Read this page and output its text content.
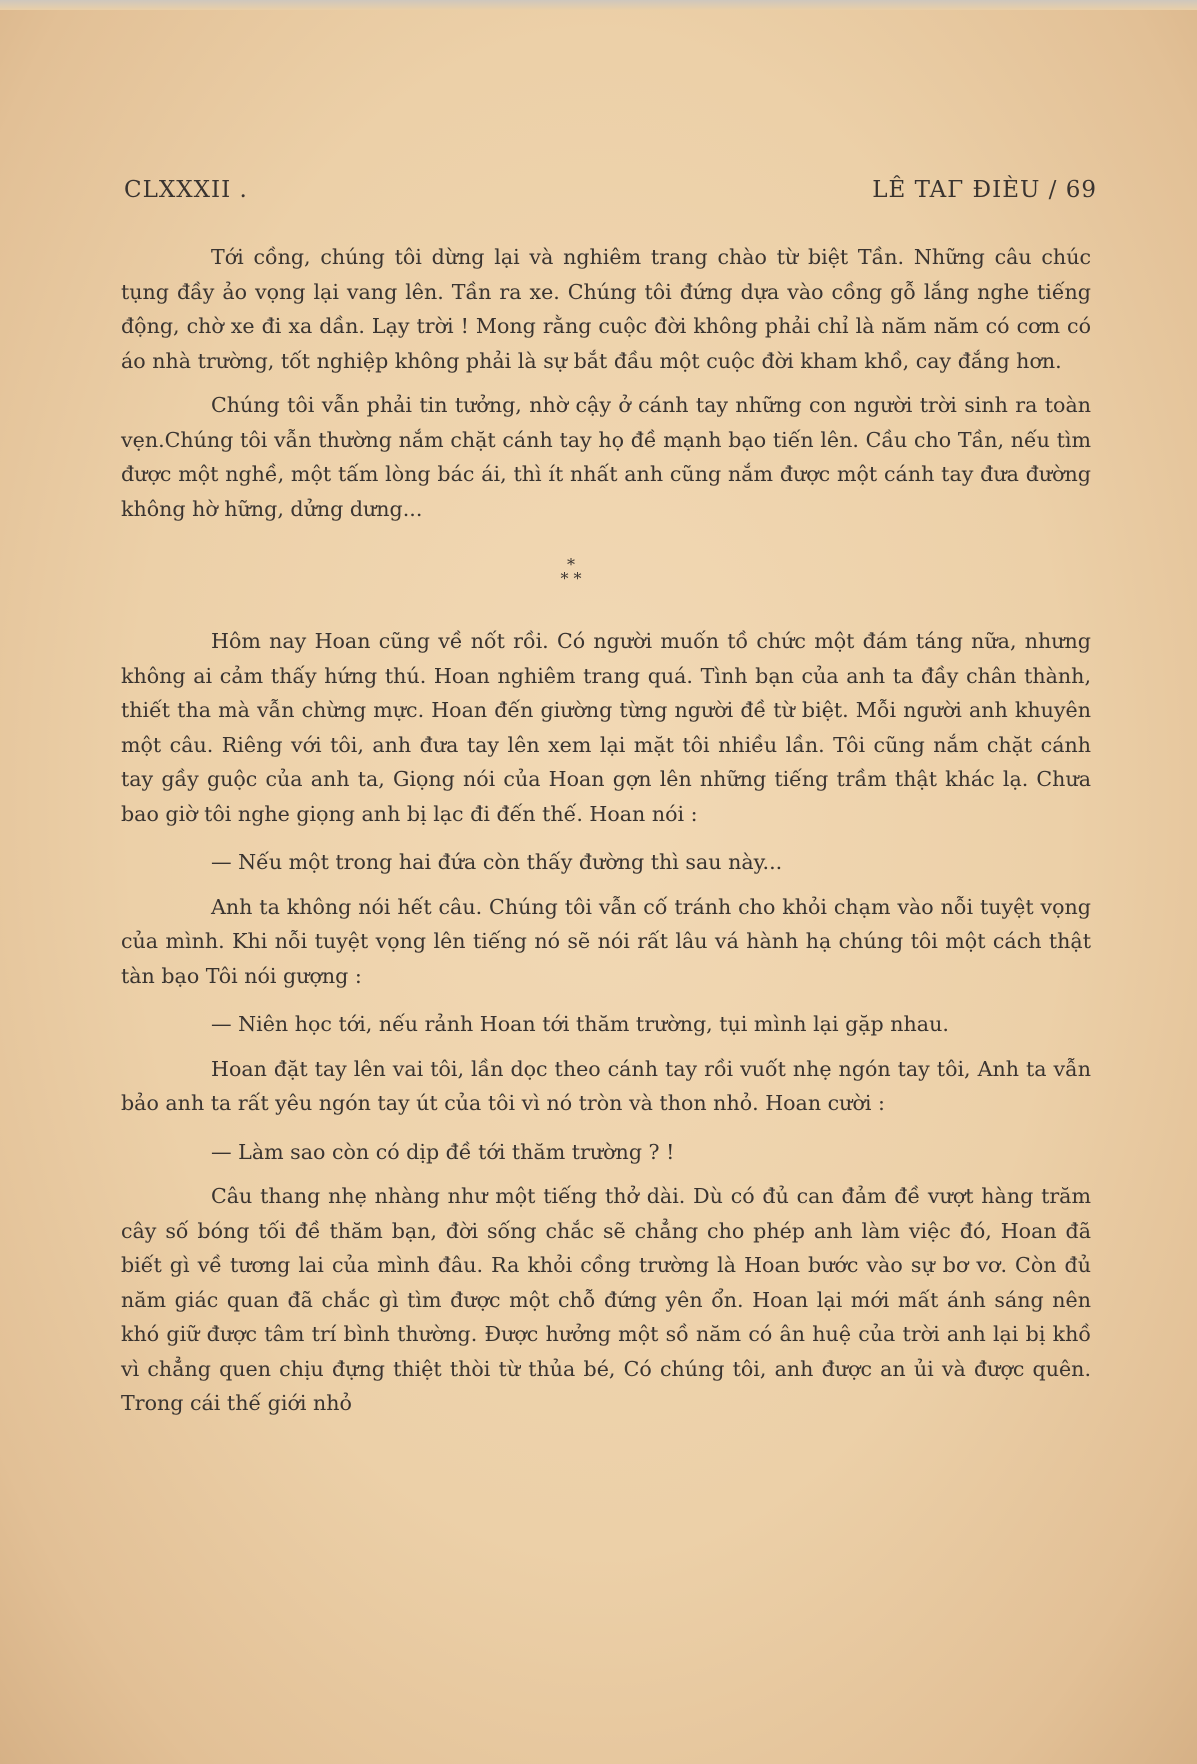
CLXXXII .	LÊ TAΓ ĐIÈU / 69

Tới cồng, chúng tôi dừng lại và nghiêm trang chào từ biệt Tần. Những câu chúc tụng đầy ảo vọng lại vang lên. Tần ra xe. Chúng tôi đứng dựa vào cồng gỗ lắng nghe tiếng động, chờ xe đi xa dần. Lạy trời ! Mong rằng cuộc đời không phải chỉ là năm năm có cơm có áo nhà trường, tốt nghiệp không phải là sự bắt đầu một cuộc đời kham khồ, cay đắng hơn.

Chúng tôi vẫn phải tin tưởng, nhờ cậy ở cánh tay những con người trời sinh ra toàn vẹn.Chúng tôi vẫn thường nắm chặt cánh tay họ đề mạnh bạo tiến lên. Cầu cho Tần, nếu tìm được một nghề, một tấm lòng bác ái, thì ít nhất anh cũng nắm được một cánh tay đưa đường không hờ hững, dửng dưng...

*
* *

Hôm nay Hoan cũng về nốt rồi. Có người muốn tồ chức một đám táng nữa, nhưng không ai cảm thấy hứng thú. Hoan nghiêm trang quá. Tình bạn của anh ta đầy chân thành, thiết tha mà vẫn chừng mực. Hoan đến giường từng người đề từ biệt. Mỗi người anh khuyên một câu. Riêng với tôi, anh đưa tay lên xem lại mặt tôi nhiều lần. Tôi cũng nắm chặt cánh tay gầy guộc của anh ta, Giọng nói của Hoan gợn lên những tiếng trầm thật khác lạ. Chưa bao giờ tôi nghe giọng anh bị lạc đi đến thế. Hoan nói :

— Nếu một trong hai đứa còn thấy đường thì sau này...

Anh ta không nói hết câu. Chúng tôi vẫn cố tránh cho khỏi chạm vào nỗi tuyệt vọng của mình. Khi nỗi tuyệt vọng lên tiếng nó sẽ nói rất lâu vá hành hạ chúng tôi một cách thật tàn bạo Tôi nói gượng :

— Niên học tới, nếu rảnh Hoan tới thăm trường, tụi mình lại gặp nhau.

Hoan đặt tay lên vai tôi, lần dọc theo cánh tay rồi vuốt nhẹ ngón tay tôi, Anh ta vẫn bảo anh ta rất yêu ngón tay út của tôi vì nó tròn và thon nhỏ. Hoan cười :

— Làm sao còn có dịp đề tới thăm trường ? !

Câu thang nhẹ nhàng như một tiếng thở dài. Dù có đủ can đảm đề vượt hàng trăm cây số bóng tối đề thăm bạn, đời sống chắc sẽ chẳng cho phép anh làm việc đó, Hoan đã biết gì về tương lai của mình đâu. Ra khỏi cồng trường là Hoan bước vào sự bơ vơ. Còn đủ năm giác quan đã chắc gì tìm được một chỗ đứng yên ổn. Hoan lại mới mất ánh sáng nên khó giữ được tâm trí bình thường. Được hưởng một sồ năm có ân huệ của trời anh lại bị khồ vì chẳng quen chịu đựng thiệt thòi từ thủa bé, Có chúng tôi, anh được an ủi và được quên. Trong cái thế giới nhỏ
